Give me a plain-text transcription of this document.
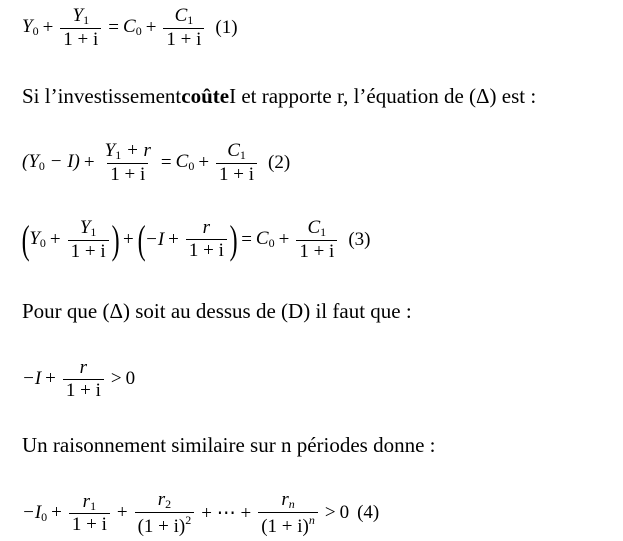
$Y_0 + \frac{Y_1}{1 + i} = C_0 + \frac{C_1}{1 + i} (1)$
Si l’investissement coûte I et rapporte r, l’équation de (Δ) est :
$(Y_0 - I) + \frac{Y_1 + r}{1 + i} = C_0 + \frac{C_1}{1 + i} (2)$
( $Y_0 + \frac{Y_1}{1 + i}$ ) + ( $-I + \frac{r}{1 + i}$ ) = $C_0 + \frac{C_1}{1 + i} (3)$
Pour que (Δ) soit au dessus de (D) il faut que :
$-I + \frac{r}{1 + i} > 0$
Un raisonnement similaire sur n périodes donne :
$-I_0 + \frac{r_1}{1 + i} + \frac{r_2}{(1 + i)^2}$ + ⋯ + $\frac{r_n}{(1 + i)^n} > 0$ (4)
